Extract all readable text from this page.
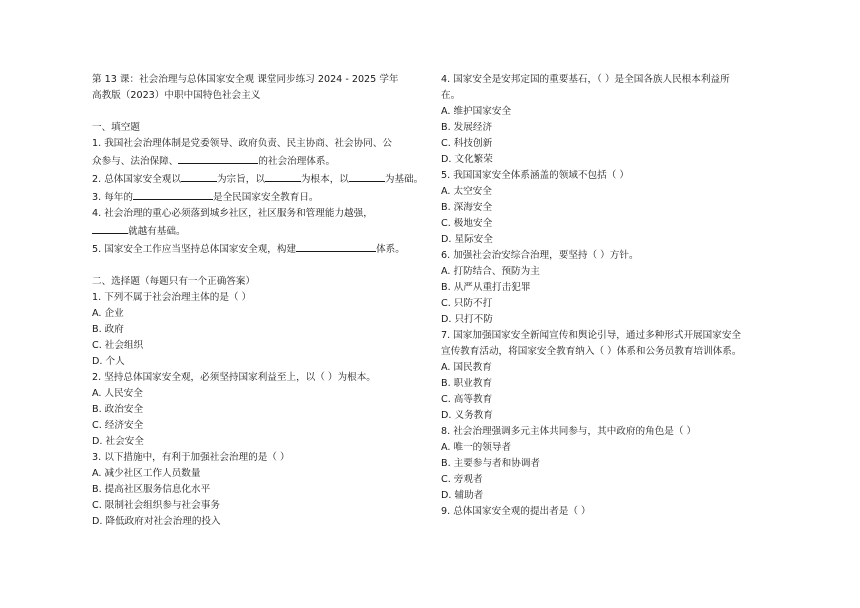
第 13 课：社会治理与总体国家安全观 课堂同步练习 2024 - 2025 学年
高教版（2023）中职中国特色社会主义
一、填空题
1. 我国社会治理体制是党委领导、政府负责、民主协商、社会协同、公
众参与、法治保障、	的社会治理体系。
2. 总体国家安全观以	为宗旨，以	为根本，以	为基础。
3. 每年的	是全民国家安全教育日。
4. 社会治理的重心必须落到城乡社区，社区服务和管理能力越强，
就越有基础。
5. 国家安全工作应当坚持总体国家安全观，构建	体系。
二、选择题（每题只有一个正确答案）
1. 下列不属于社会治理主体的是（ ）
A. 企业
B. 政府
C. 社会组织
D. 个人
2. 坚持总体国家安全观，必须坚持国家利益至上，以（ ）为根本。
A. 人民安全
B. 政治安全
C. 经济安全
D. 社会安全
3. 以下措施中，有利于加强社会治理的是（ ）
A. 减少社区工作人员数量
B. 提高社区服务信息化水平
C. 限制社会组织参与社会事务
D. 降低政府对社会治理的投入
4. 国家安全是安邦定国的重要基石，（ ）是全国各族人民根本利益所
在。
A. 维护国家安全
B. 发展经济
C. 科技创新
D. 文化繁荣
5. 我国国家安全体系涵盖的领域不包括（ ）
A. 太空安全
B. 深海安全
C. 极地安全
D. 星际安全
6. 加强社会治安综合治理，要坚持（ ）方针。
A. 打防结合、预防为主
B. 从严从重打击犯罪
C. 只防不打
D. 只打不防
7. 国家加强国家安全新闻宣传和舆论引导，通过多种形式开展国家安全
宣传教育活动，将国家安全教育纳入（ ）体系和公务员教育培训体系。
A. 国民教育
B. 职业教育
C. 高等教育
D. 义务教育
8. 社会治理强调多元主体共同参与，其中政府的角色是（ ）
A. 唯一的领导者
B. 主要参与者和协调者
C. 旁观者
D. 辅助者
9. 总体国家安全观的提出者是（ ）
